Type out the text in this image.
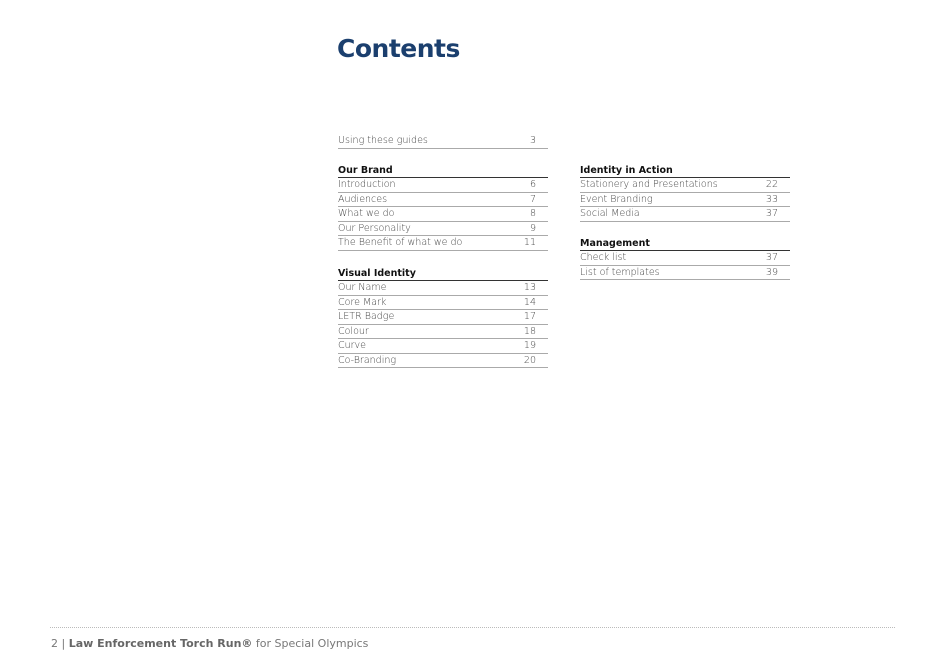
Contents
Using these guides	3
Our Brand
Introduction	6
Audiences	7
What we do	8
Our Personality	9
The Benefit of what we do	11
Visual Identity
Our Name	13
Core Mark	14
LETR Badge	17
Colour	18
Curve	19
Co-Branding	20
Identity in Action
Stationery and Presentations	22
Event Branding	33
Social Media	37
Management
Check list	37
List of templates	39
2 | Law Enforcement Torch Run® for Special Olympics
